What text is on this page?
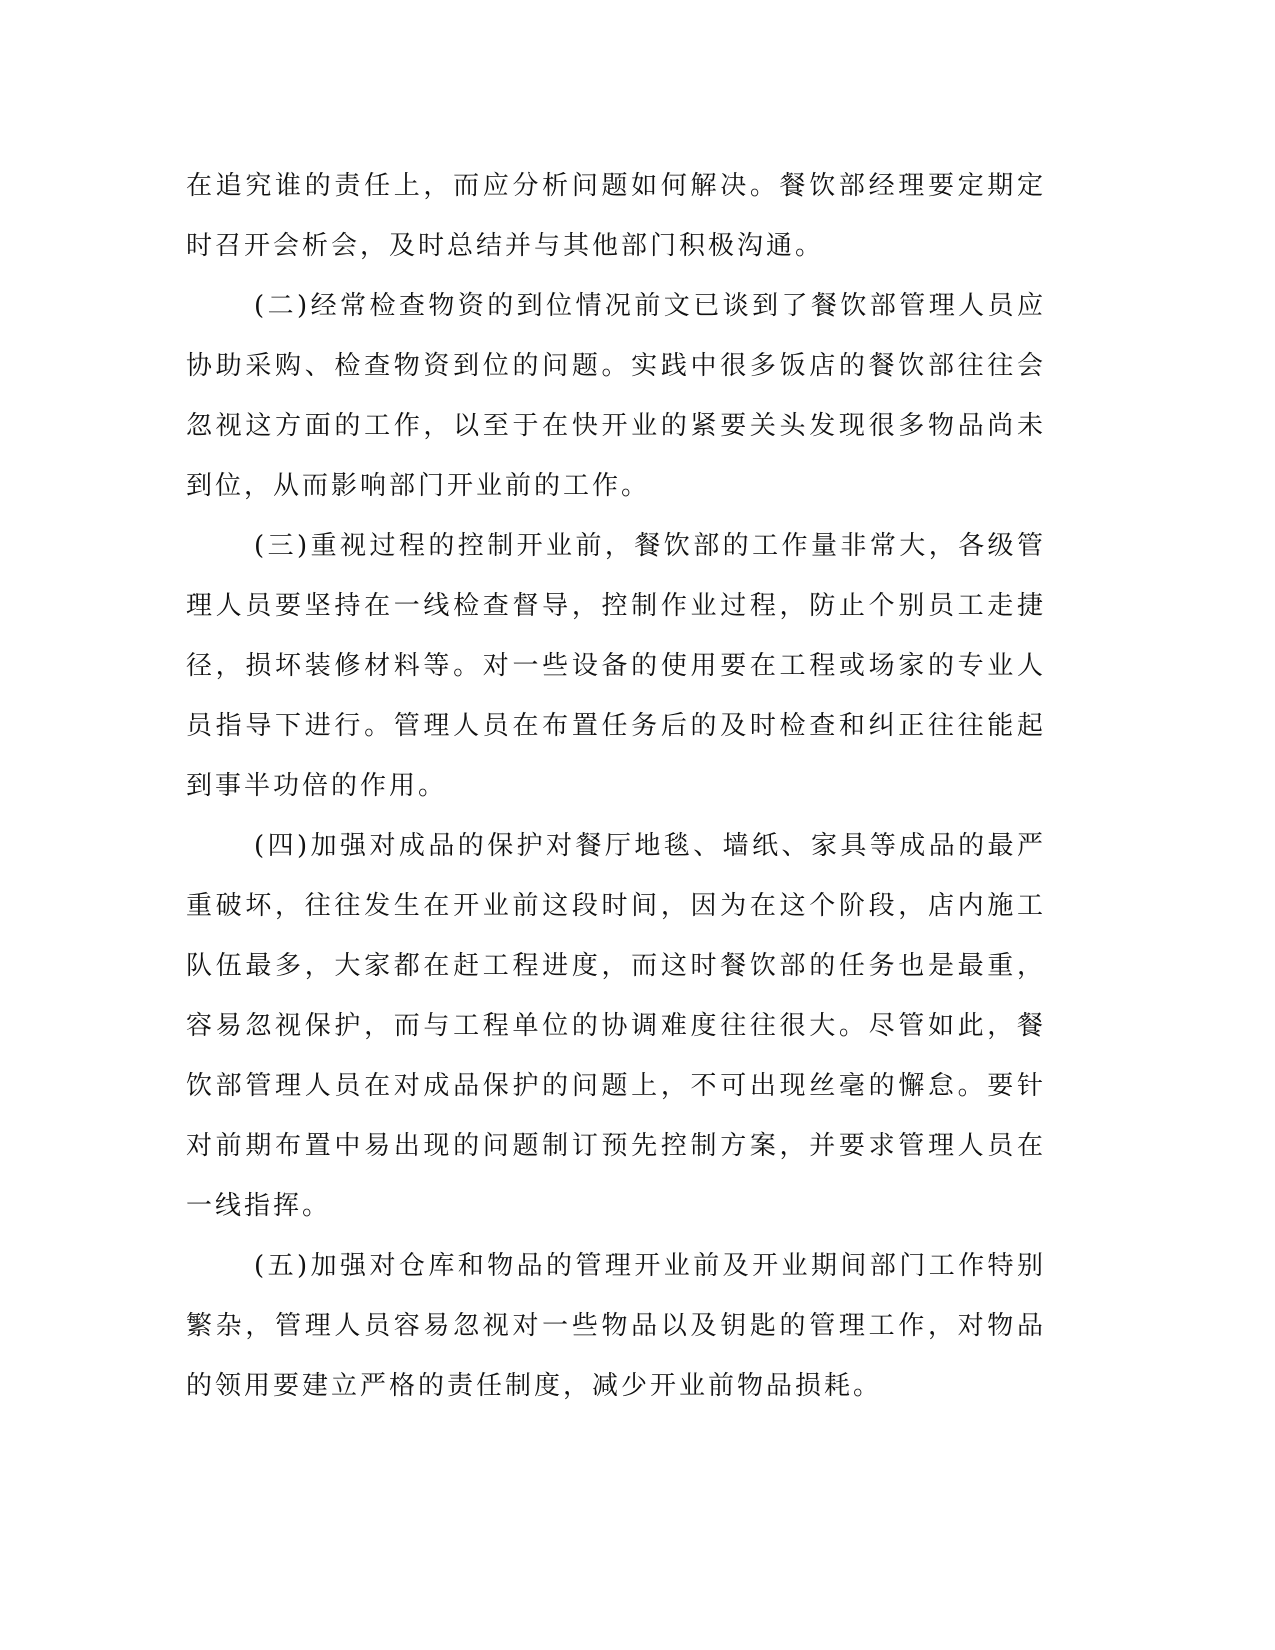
在追究谁的责任上，而应分析问题如何解决。餐饮部经理要定期定时召开会析会，及时总结并与其他部门积极沟通。

(二)经常检查物资的到位情况前文已谈到了餐饮部管理人员应协助采购、检查物资到位的问题。实践中很多饭店的餐饮部往往会忽视这方面的工作，以至于在快开业的紧要关头发现很多物品尚未到位，从而影响部门开业前的工作。

(三)重视过程的控制开业前，餐饮部的工作量非常大，各级管理人员要坚持在一线检查督导，控制作业过程，防止个别员工走捷径，损坏装修材料等。对一些设备的使用要在工程或场家的专业人员指导下进行。管理人员在布置任务后的及时检查和纠正往往能起到事半功倍的作用。

(四)加强对成品的保护对餐厅地毯、墙纸、家具等成品的最严重破坏，往往发生在开业前这段时间，因为在这个阶段，店内施工队伍最多，大家都在赶工程进度，而这时餐饮部的任务也是最重，容易忽视保护，而与工程单位的协调难度往往很大。尽管如此，餐饮部管理人员在对成品保护的问题上，不可出现丝毫的懈怠。要针对前期布置中易出现的问题制订预先控制方案，并要求管理人员在一线指挥。

(五)加强对仓库和物品的管理开业前及开业期间部门工作特别繁杂，管理人员容易忽视对一些物品以及钥匙的管理工作，对物品的领用要建立严格的责任制度，减少开业前物品损耗。
